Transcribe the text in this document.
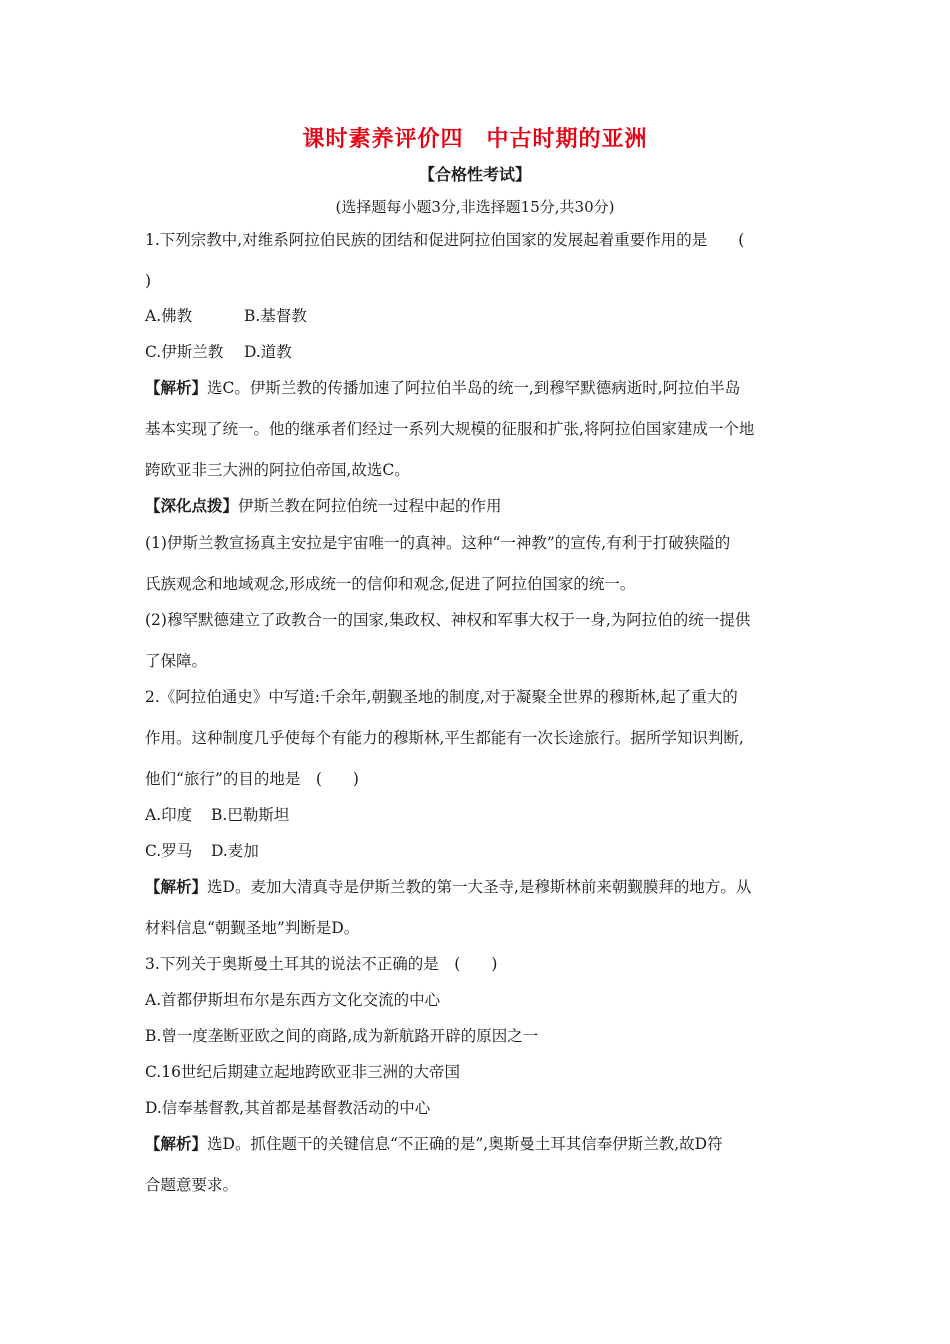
课时素养评价四　中古时期的亚洲
【合格性考试】
(选择题每小题3分,非选择题15分,共30分)
1.下列宗教中,对维系阿拉伯民族的团结和促进阿拉伯国家的发展起着重要作用的是　　(
)
A.佛教	B.基督教
C.伊斯兰教 D.道教
【解析】选C。伊斯兰教的传播加速了阿拉伯半岛的统一,到穆罕默德病逝时,阿拉伯半岛
基本实现了统一。他的继承者们经过一系列大规模的征服和扩张,将阿拉伯国家建成一个地
跨欧亚非三大洲的阿拉伯帝国,故选C。
【深化点拨】伊斯兰教在阿拉伯统一过程中起的作用
(1)伊斯兰教宣扬真主安拉是宇宙唯一的真神。这种“一神教”的宣传,有利于打破狭隘的
氏族观念和地域观念,形成统一的信仰和观念,促进了阿拉伯国家的统一。
(2)穆罕默德建立了政教合一的国家,集政权、神权和军事大权于一身,为阿拉伯的统一提供
了保障。
2.《阿拉伯通史》中写道:千余年,朝觐圣地的制度,对于凝聚全世界的穆斯林,起了重大的
作用。这种制度几乎使每个有能力的穆斯林,平生都能有一次长途旅行。据所学知识判断,
他们“旅行”的目的地是　(　　)
A.印度 B.巴勒斯坦
C.罗马 D.麦加
【解析】选D。麦加大清真寺是伊斯兰教的第一大圣寺,是穆斯林前来朝觐膜拜的地方。从
材料信息“朝觐圣地”判断是D。
3.下列关于奥斯曼土耳其的说法不正确的是　(　　)
A.首都伊斯坦布尔是东西方文化交流的中心
B.曾一度垄断亚欧之间的商路,成为新航路开辟的原因之一
C.16世纪后期建立起地跨欧亚非三洲的大帝国
D.信奉基督教,其首都是基督教活动的中心
【解析】选D。抓住题干的关键信息“不正确的是”,奥斯曼土耳其信奉伊斯兰教,故D符
合题意要求。
